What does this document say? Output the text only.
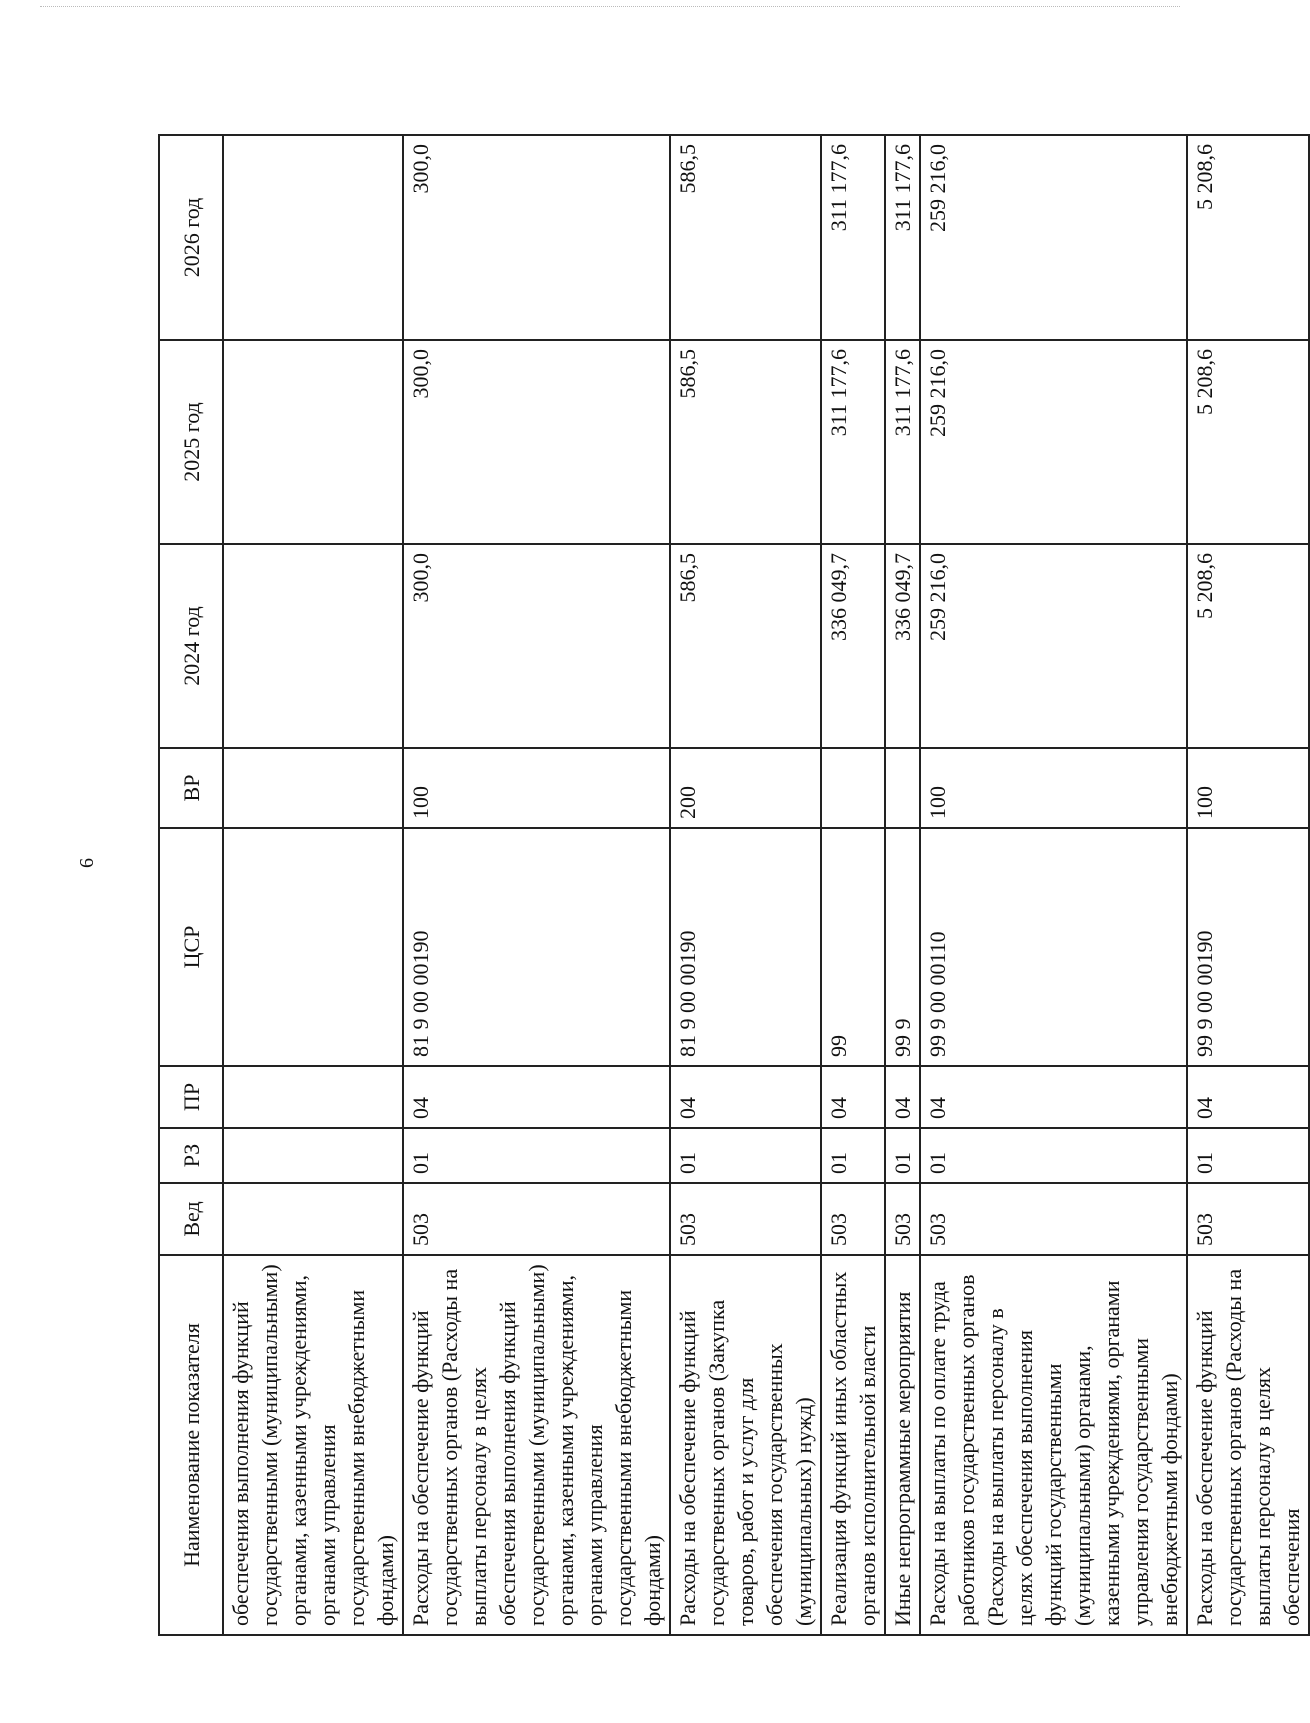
6
Наименование показателя	Вед	РЗ	ПР	ЦСР	ВР	2024 год	2025 год	2026 год
обеспечения выполнения функций государственными (муниципальными) органами, казенными учреждениями, органами управления государственными внебюджетными фондами)								
Расходы на обеспечение функций государственных органов (Расходы на выплаты персоналу в целях обеспечения выполнения функций государственными (муниципальными) органами, казенными учреждениями, органами управления государственными внебюджетными фондами)	503	01	04	81 9 00 00190	100	300,0	300,0	300,0
Расходы на обеспечение функций государственных органов (Закупка товаров, работ и услуг для обеспечения государственных (муниципальных) нужд)	503	01	04	81 9 00 00190	200	586,5	586,5	586,5
Реализация функций иных областных органов исполнительной власти	503	01	04	99		336 049,7	311 177,6	311 177,6
Иные непрограммные мероприятия	503	01	04	99 9		336 049,7	311 177,6	311 177,6
Расходы на выплаты по оплате труда работников государственных органов (Расходы на выплаты персоналу в целях обеспечения выполнения функций государственными (муниципальными) органами, казенными учреждениями, органами управления государственными внебюджетными фондами)	503	01	04	99 9 00 00110	100	259 216,0	259 216,0	259 216,0
Расходы на обеспечение функций государственных органов (Расходы на выплаты персоналу в целях обеспечения	503	01	04	99 9 00 00190	100	5 208,6	5 208,6	5 208,6
